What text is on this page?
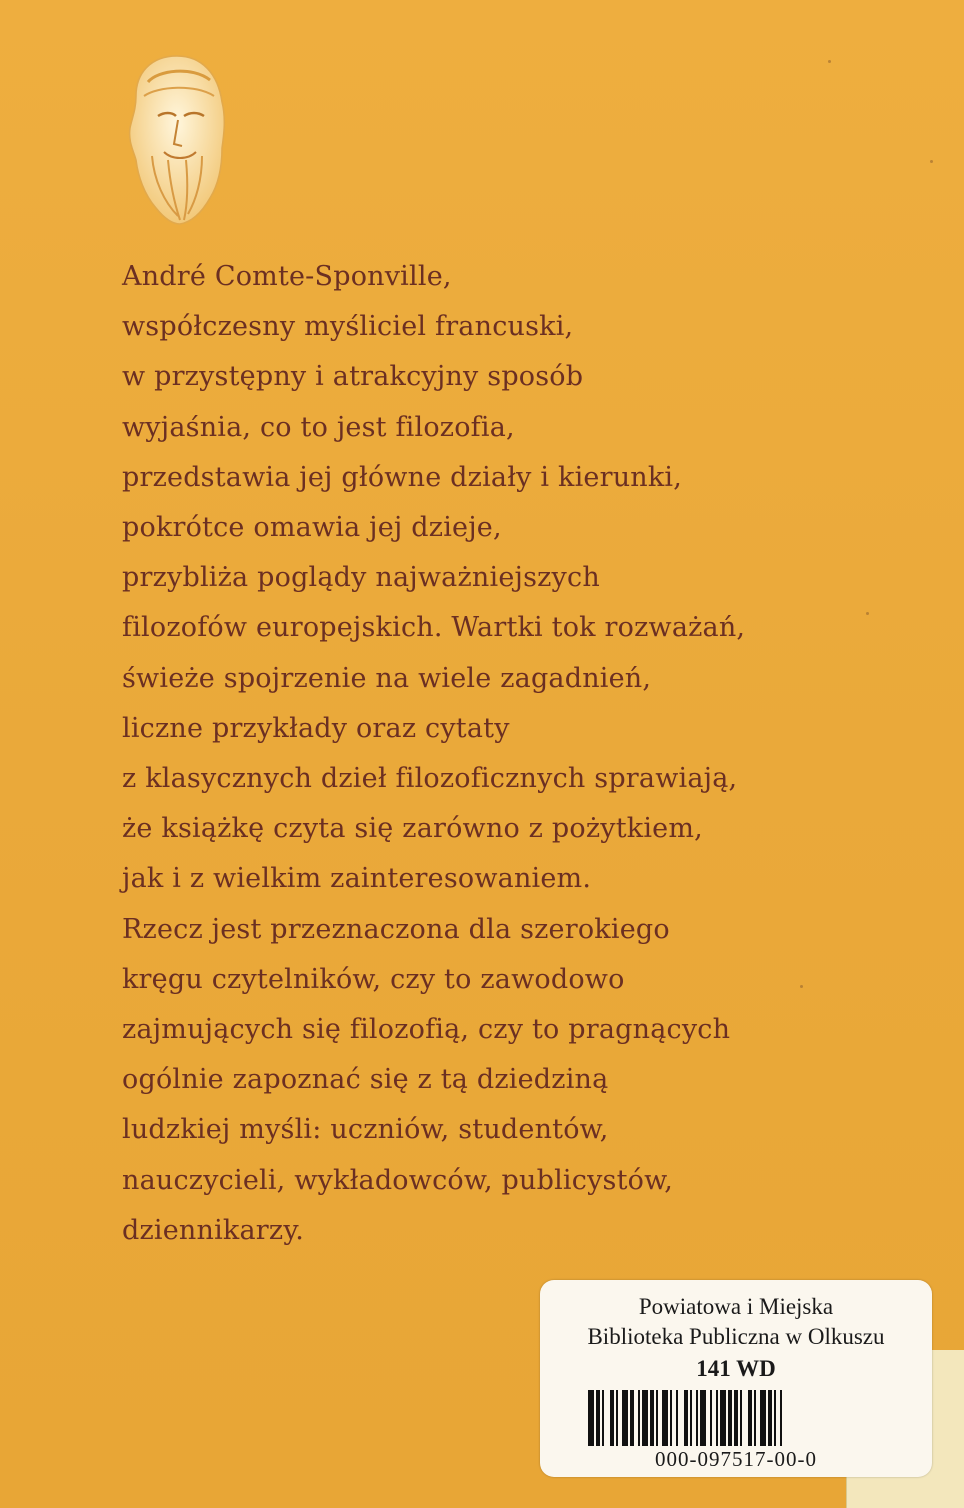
André Comte-Sponville,
współczesny myśliciel francuski,
w przystępny i atrakcyjny sposób
wyjaśnia, co to jest filozofia,
przedstawia jej główne działy i kierunki,
pokrótce omawia jej dzieje,
przybliża poglądy najważniejszych
filozofów europejskich. Wartki tok rozważań,
świeże spojrzenie na wiele zagadnień,
liczne przykłady oraz cytaty
z klasycznych dzieł filozoficznych sprawiają,
że książkę czyta się zarówno z pożytkiem,
jak i z wielkim zainteresowaniem.
Rzecz jest przeznaczona dla szerokiego
kręgu czytelników, czy to zawodowo
zajmujących się filozofią, czy to pragnących
ogólnie zapoznać się z tą dziedziną
ludzkiej myśli: uczniów, studentów,
nauczycieli, wykładowców, publicystów,
dziennikarzy.
Powiatowa i Miejska
Biblioteka Publiczna w Olkuszu
141 WD
000-097517-00-0
